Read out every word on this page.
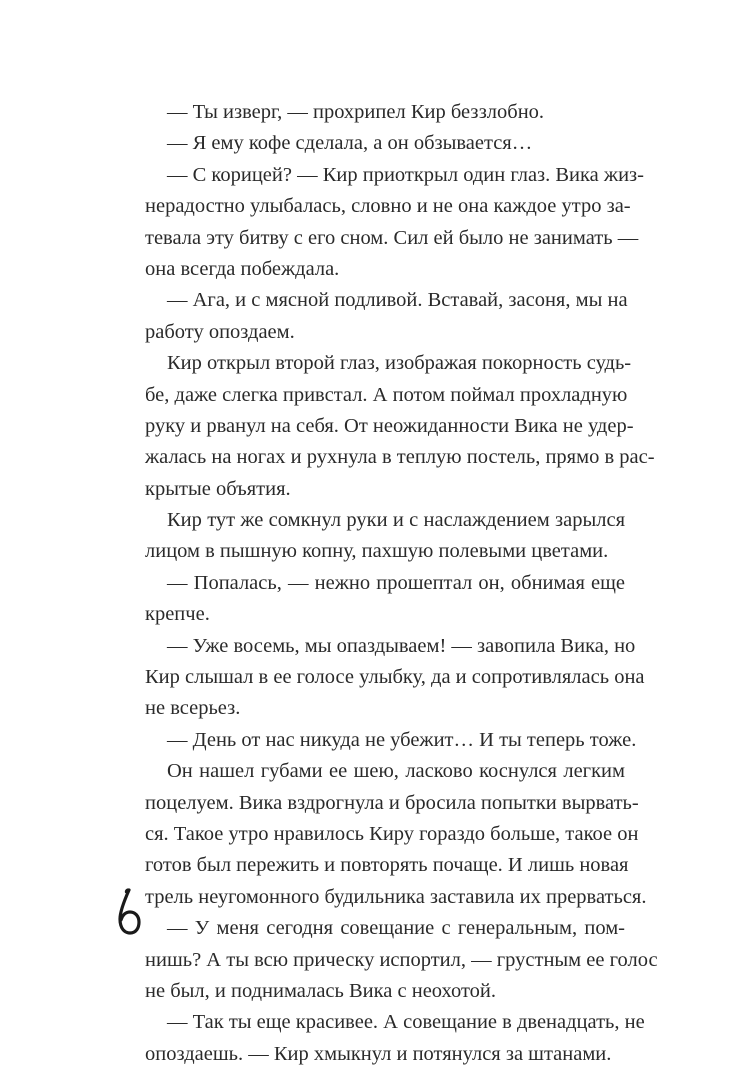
— Ты изверг, — прохрипел Кир беззлобно.
— Я ему кофе сделала, а он обзывается…
— С корицей? — Кир приоткрыл один глаз. Вика жиз-
нерадостно улыбалась, словно и не она каждое утро за-
тевала эту битву с его сном. Сил ей было не занимать —
она всегда побеждала.
— Ага, и с мясной подливой. Вставай, засоня, мы на
работу опоздаем.
Кир открыл второй глаз, изображая покорность судь-
бе, даже слегка привстал. А потом поймал прохладную
руку и рванул на себя. От неожиданности Вика не удер-
жалась на ногах и рухнула в теплую постель, прямо в рас-
крытые объятия.
Кир тут же сомкнул руки и с наслаждением зарылся
лицом в пышную копну, пахшую полевыми цветами.
— Попалась, — нежно прошептал он, обнимая еще
крепче.
— Уже восемь, мы опаздываем! — завопила Вика, но
Кир слышал в ее голосе улыбку, да и сопротивлялась она
не всерьез.
— День от нас никуда не убежит… И ты теперь тоже.
Он нашел губами ее шею, ласково коснулся легким
поцелуем. Вика вздрогнула и бросила попытки вырвать-
ся. Такое утро нравилось Киру гораздо больше, такое он
готов был пережить и повторять почаще. И лишь новая
трель неугомонного будильника заставила их прерваться.
— У меня сегодня совещание с генеральным, пом-
нишь? А ты всю прическу испортил, — грустным ее голос
не был, и поднималась Вика с неохотой.
— Так ты еще красивее. А совещание в двенадцать, не
опоздаешь. — Кир хмыкнул и потянулся за штанами.
